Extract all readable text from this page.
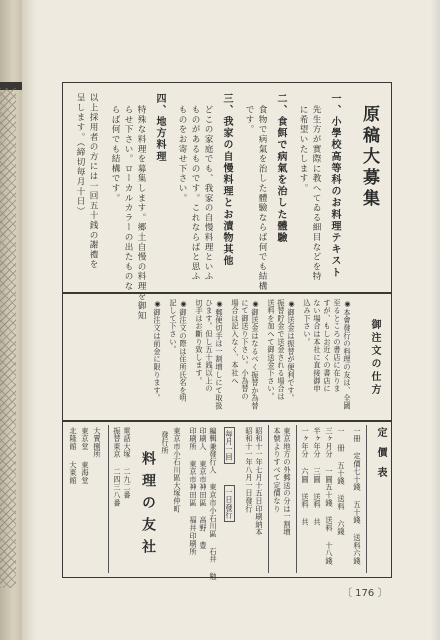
原稿大募集
一、小學校高等科のお料理テキスト
先生方が實際に教へてゐる細目などを特
に希望いたします。
二、食餌で病氣を治した體驗
食物で病氣を治した體驗ならば何でも結構
です。
三、我家の自慢料理とお漬物其他
どこの家庭でも、我家の自慢料理といふ
ものがあるものです。これならばと思ふ
ものをお寄せ下さい。
四、地方料理
特殊な料理を募集します。郷土自慢の料理を御知
らせ下さい。ローカルカラーの出たものな
らば何でも結構です。
以上採用者の方には一回五十銭の謝禮を
呈します。（締切毎月十日）
御注文の仕方
◉本會發行の料理の友は、全國
至るところの書店に在りま
すが、もしお近くの書店に
ない場合は本社に直接御申
込み下さい。
◉御送金は振替が便利です。
振替貯金で送金される場合は
送料を加へて御送金下さい。
◉御送金はなるべく振替か為替
にて御送り下さい。小為替の
場合は記入なく、本社へ
◉郵便切手は一割増しにて取扱
ひます。但し五十銭以上の
切手はお斷り致します。
◉御注文の際は住所氏名を明
記して下さい。
◉御注文は前金に限ります。
定價表
一冊 定價七十錢 五十錢 送料六錢
一 冊 五十錢 送料 六錢
三ヶ月分 一圓五十錢 送料 十八錢
半ヶ年分 三圓 送料 共
一ヶ年分 六圓 送料 共
東京地方の外郵送の分は一割増
本號よりすべて定價なり
昭和十一年七月十五日印刷納本
昭和十一年八月一日發行
毎月一回
一日發行
編輯兼發行人 東京市小石川區 石井 勉
印刷人 東京市神田區 高野 豊
印刷所 東京市神田區 福井印刷所
東京市小石川區大塚仲町
發行所
料理の友社
電話大塚 二九二番
振替東京 二四三八番
大賣捌所
東京堂
東海堂
北隆館
大東館
〔 176 〕
